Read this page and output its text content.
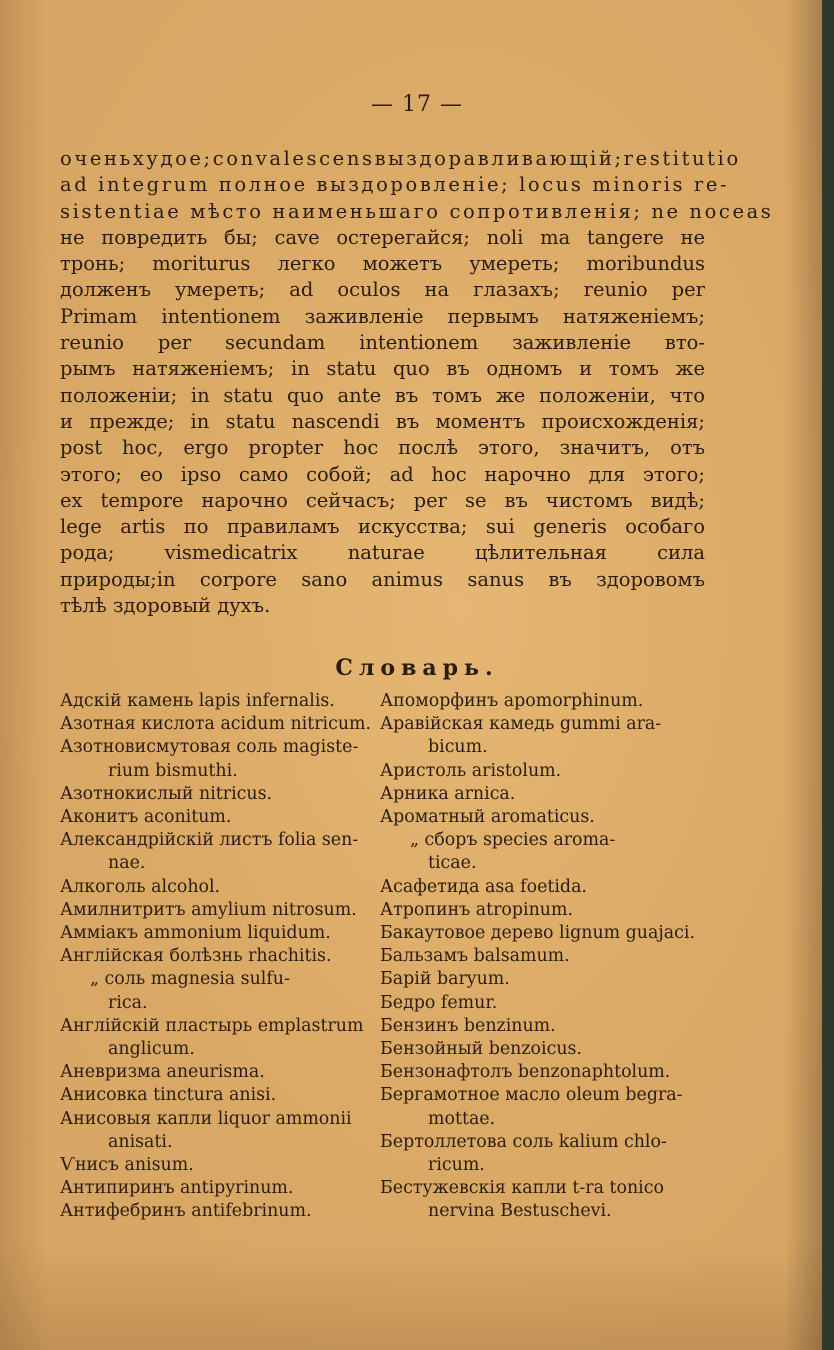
— 17 —
оченьхудое;convalescensвыздоравливающій;restitutio
ad integrum полное выздоровленіе; locus minoris re-
sistentiae мѣсто наименьшаго сопротивленія; ne noceas
не повредить бы; cave остерегайся; noli ma tangere не
тронь; moriturus легко можетъ умереть; moribundus
долженъ умереть; ad oculos на глазахъ; reunio per
Primam intentionem заживленіе первымъ натяженіемъ;
reunio per secundam intentionem заживленіе вто-
рымъ натяженіемъ; in statu quo въ одномъ и томъ же
положеніи; in statu quo ante въ томъ же положеніи, что
и прежде; in statu nascendi въ моментъ происхожденія;
post hoc, ergo propter hoc послѣ этого, значитъ, отъ
этого; eo ipso само собой; ad hoc нарочно для этого;
ex tempore нарочно сейчасъ; per se въ чистомъ видѣ;
lege artis по правиламъ искусства; sui generis особаго
рода; vismedicatrix naturae цѣлительная сила
природы;in corpore sano animus sanus въ здоровомъ
тѣлѣ здоровый духъ.
Словарь.
Адскій камень lapis infernalis.
Азотная кислота acidum nitricum.
Азотновисмутовая соль magiste-
rium bismuthi.
Азотнокислый nitricus.
Аконитъ aconitum.
Александрійскій листъ folia sen-
nae.
Алкоголь alcohol.
Амилнитритъ amylium nitrosum.
Аммiакъ ammonium liquidum.
Англійская болѣзнь rhachitis.
„ соль magnesia sulfu-
rica.
Англійскій пластырь emplastrum
anglicum.
Аневризма aneurisma.
Анисовка tinctura anisi.
Анисовыя капли liquor ammonii
anisati.
Ѵнисъ anisum.
Антипиринъ antipyrinum.
Антифебринъ antifebrinum.
Апоморфинъ apomorphinum.
Аравійская камедь gummi ara-
bicum.
Аристоль aristolum.
Арника arnica.
Ароматный aromaticus.
„ сборъ species aroma-
ticae.
Асафетида asa foetida.
Атропинъ atropinum.
Бакаутовое дерево lignum guajaci.
Бальзамъ balsamum.
Барій baryum.
Бедро femur.
Бензинъ benzinum.
Бензойный benzoicus.
Бензонафтолъ benzonaphtolum.
Бергамотное масло oleum begra-
mottae.
Бертоллетова соль kalium chlo-
ricum.
Бестужевскія капли t-ra tonico
nervina Bestuschevi.
